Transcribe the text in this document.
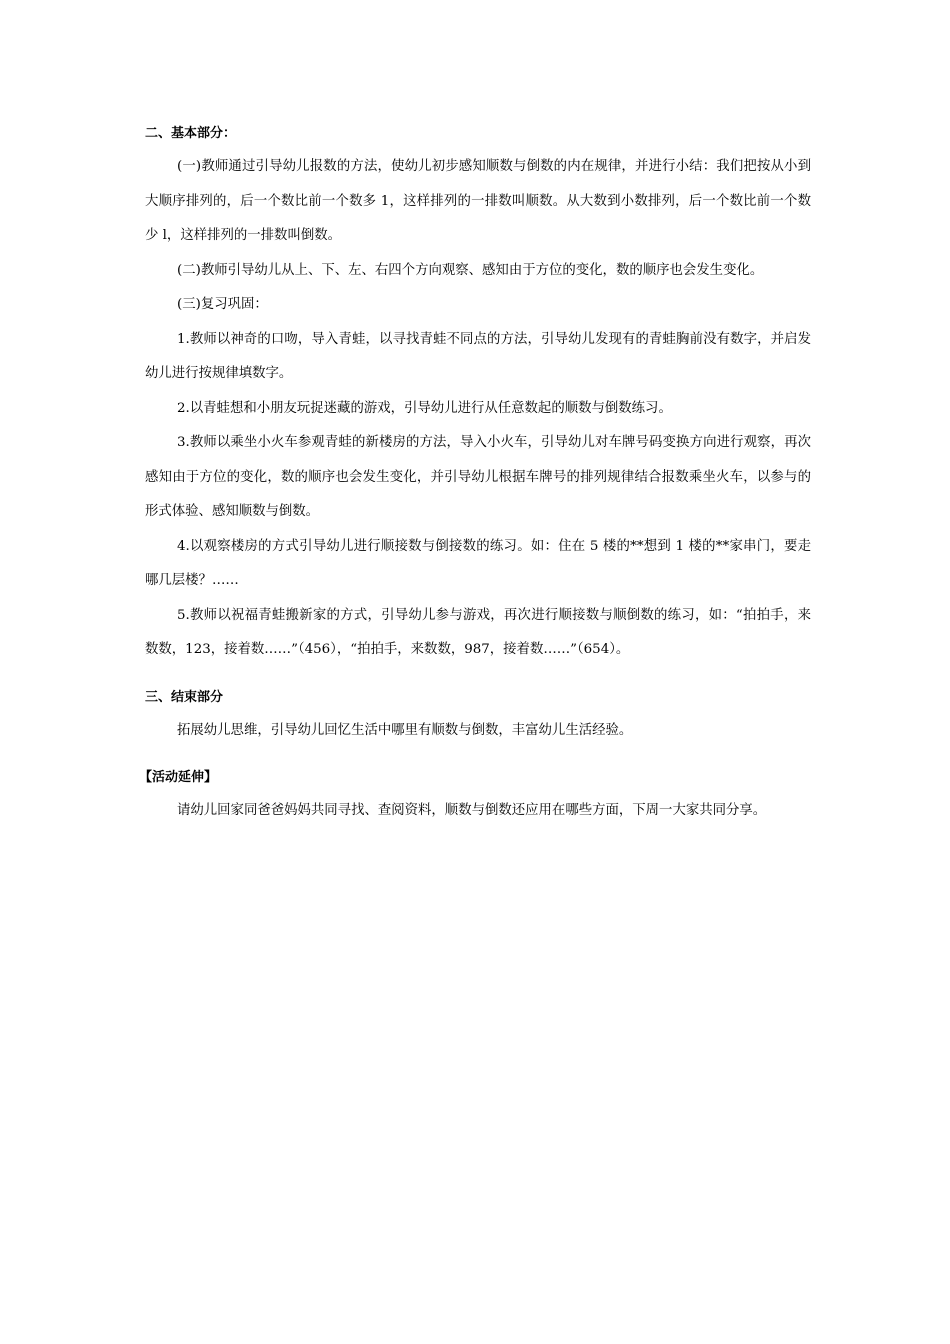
二、基本部分：

(一)教师通过引导幼儿报数的方法，使幼儿初步感知顺数与倒数的内在规律，并进行小结：我们把按从小到大顺序排列的，后一个数比前一个数多 1，这样排列的一排数叫顺数。从大数到小数排列，后一个数比前一个数少 l，这样排列的一排数叫倒数。

(二)教师引导幼儿从上、下、左、右四个方向观察、感知由于方位的变化，数的顺序也会发生变化。

(三)复习巩固：

1.教师以神奇的口吻，导入青蛙，以寻找青蛙不同点的方法，引导幼儿发现有的青蛙胸前没有数字，并启发幼儿进行按规律填数字。

2.以青蛙想和小朋友玩捉迷藏的游戏，引导幼儿进行从任意数起的顺数与倒数练习。

3.教师以乘坐小火车参观青蛙的新楼房的方法，导入小火车，引导幼儿对车牌号码变换方向进行观察，再次感知由于方位的变化，数的顺序也会发生变化，并引导幼儿根据车牌号的排列规律结合报数乘坐火车，以参与的形式体验、感知顺数与倒数。

4.以观察楼房的方式引导幼儿进行顺接数与倒接数的练习。如：住在 5 楼的**想到 1 楼的**家串门，要走哪几层楼？……

5.教师以祝福青蛙搬新家的方式，引导幼儿参与游戏，再次进行顺接数与顺倒数的练习，如：“拍拍手，来数数，123，接着数……”（456），“拍拍手，来数数，987，接着数……”（654）。

三、结束部分

拓展幼儿思维，引导幼儿回忆生活中哪里有顺数与倒数，丰富幼儿生活经验。

【活动延伸】

请幼儿回家同爸爸妈妈共同寻找、查阅资料，顺数与倒数还应用在哪些方面，下周一大家共同分享。
